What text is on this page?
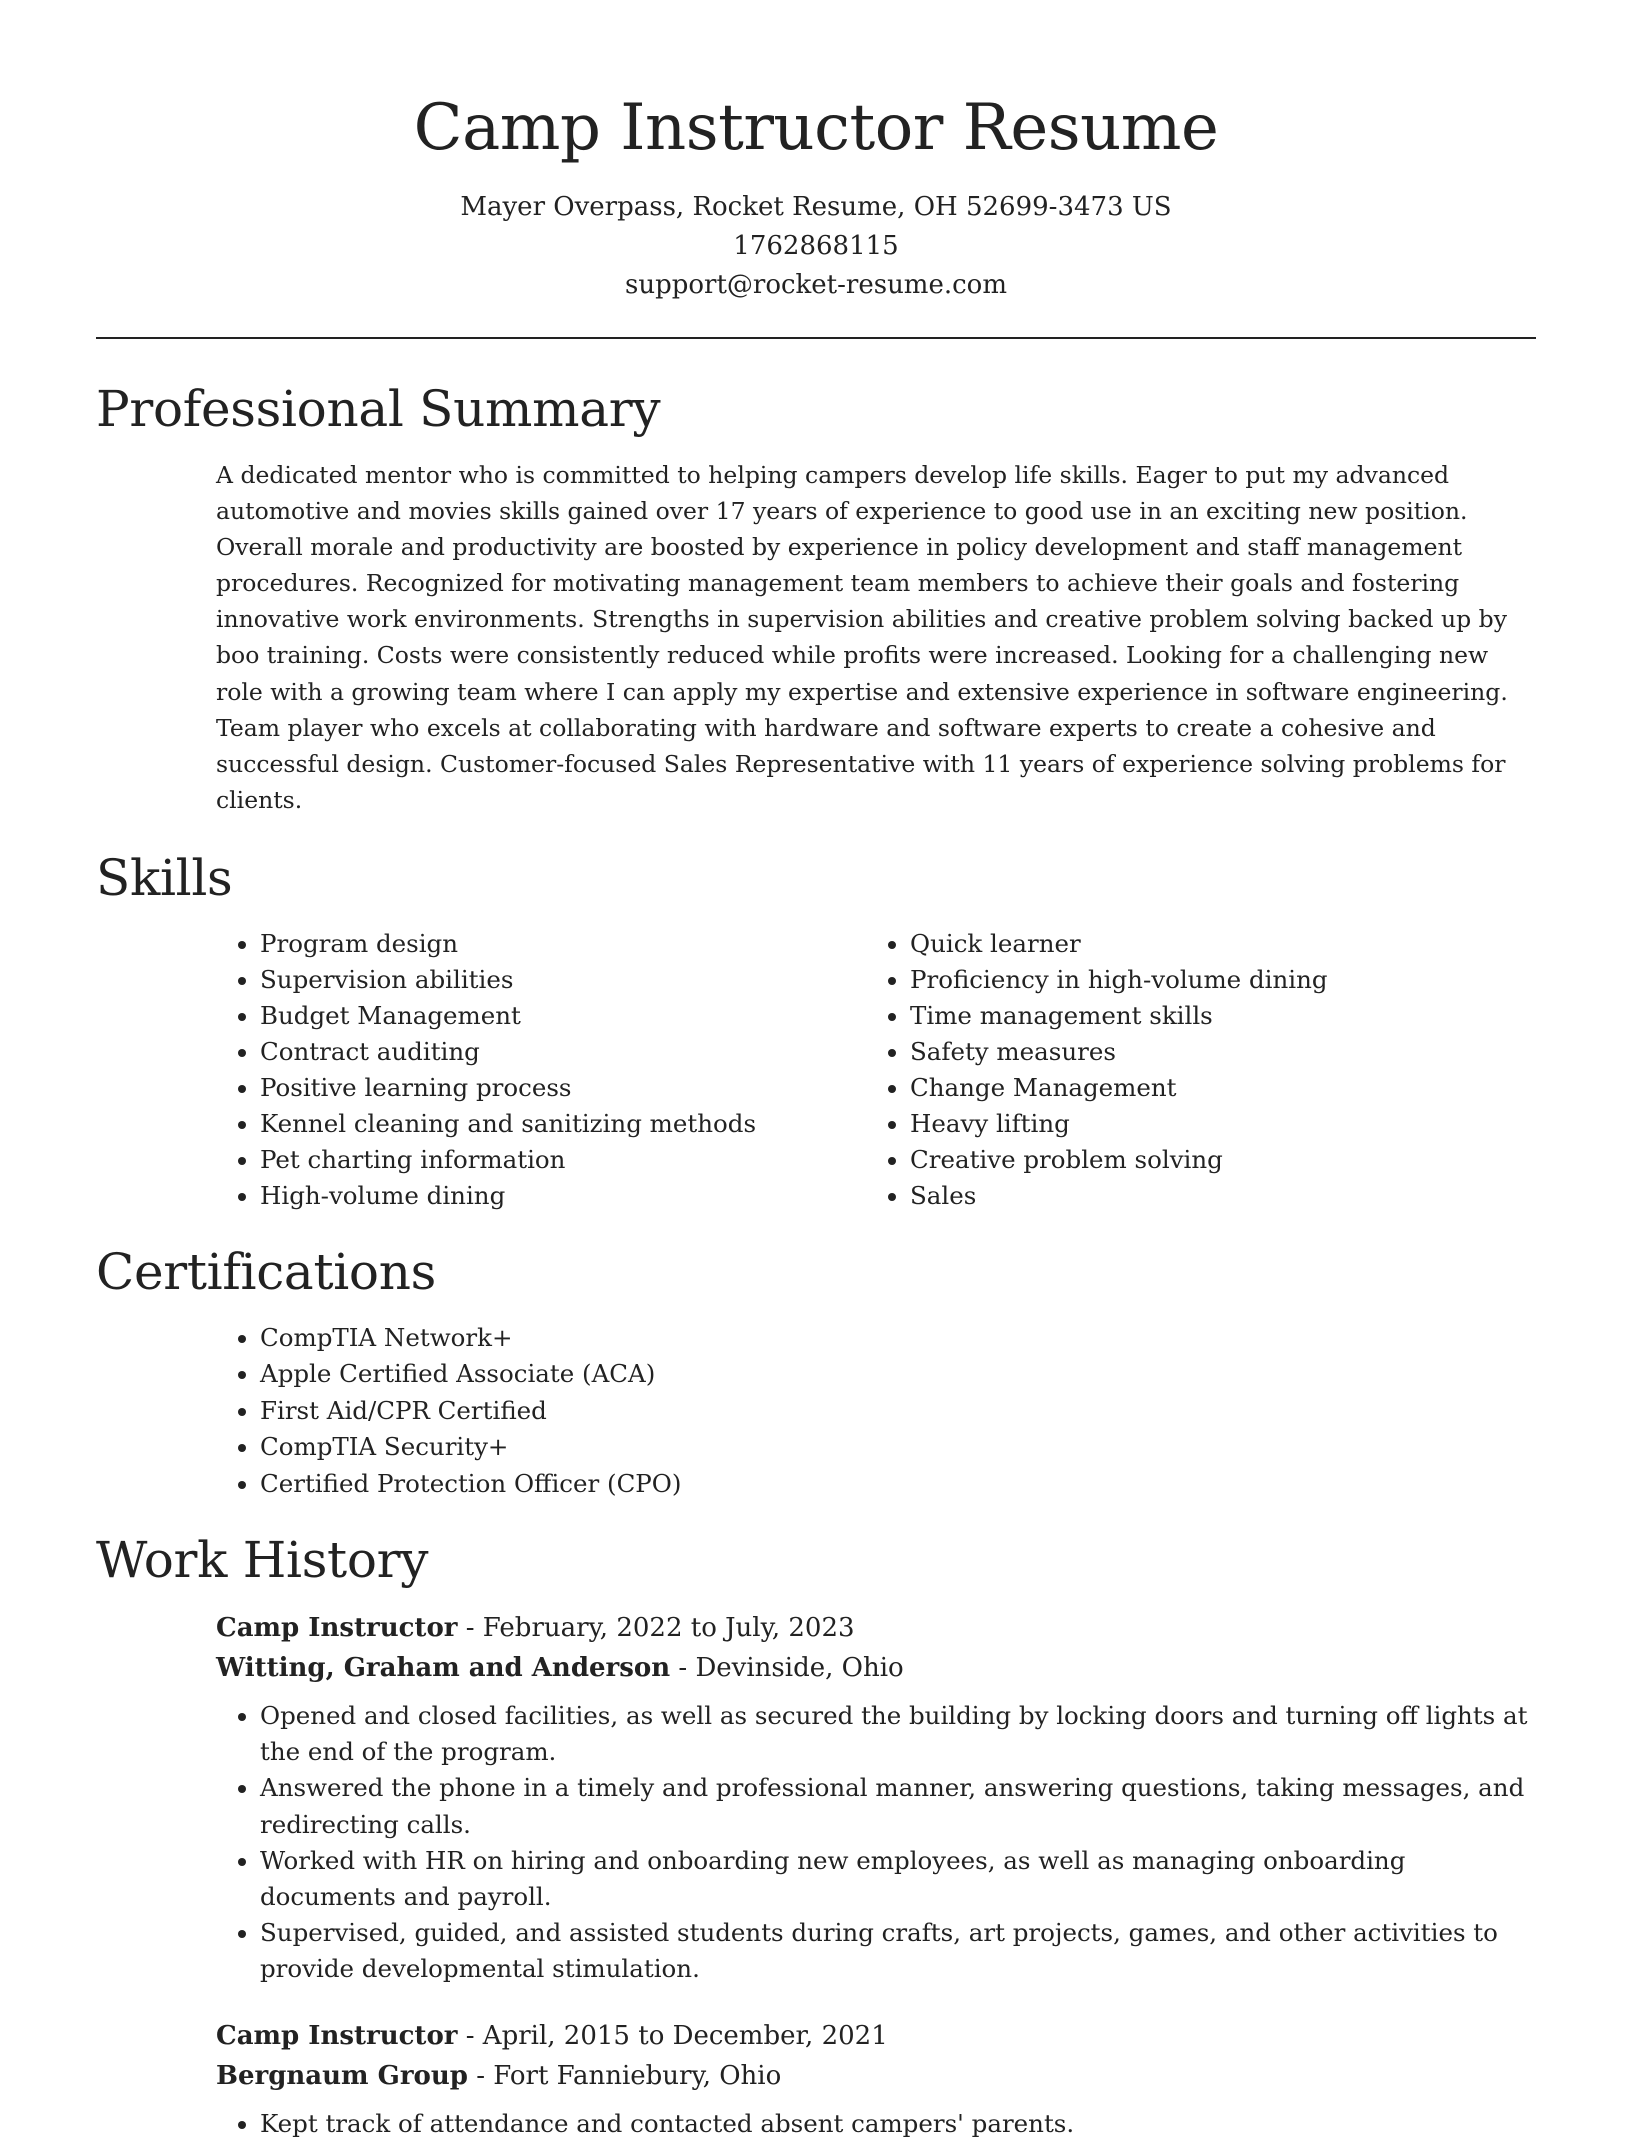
Camp Instructor Resume
Mayer Overpass, Rocket Resume, OH 52699-3473 US
1762868115
support@rocket-resume.com
Professional Summary

A dedicated mentor who is committed to helping campers develop life skills. Eager to put my advanced automotive and movies skills gained over 17 years of experience to good use in an exciting new position. Overall morale and productivity are boosted by experience in policy development and staff management procedures. Recognized for motivating management team members to achieve their goals and fostering innovative work environments. Strengths in supervision abilities and creative problem solving backed up by boo training. Costs were consistently reduced while profits were increased. Looking for a challenging new role with a growing team where I can apply my expertise and extensive experience in software engineering. Team player who excels at collaborating with hardware and software experts to create a cohesive and successful design. Customer-focused Sales Representative with 11 years of experience solving problems for clients.

Skills
• Program design
• Supervision abilities
• Budget Management
• Contract auditing
• Positive learning process
• Kennel cleaning and sanitizing methods
• Pet charting information
• High-volume dining
• Quick learner
• Proficiency in high-volume dining
• Time management skills
• Safety measures
• Change Management
• Heavy lifting
• Creative problem solving
• Sales
Certifications
• CompTIA Network+
• Apple Certified Associate (ACA)
• First Aid/CPR Certified
• CompTIA Security+
• Certified Protection Officer (CPO)
Work History
Camp Instructor - February, 2022 to July, 2023
Witting, Graham and Anderson - Devinside, Ohio
• Opened and closed facilities, as well as secured the building by locking doors and turning off lights at the end of the program.
• Answered the phone in a timely and professional manner, answering questions, taking messages, and redirecting calls.
• Worked with HR on hiring and onboarding new employees, as well as managing onboarding documents and payroll.
• Supervised, guided, and assisted students during crafts, art projects, games, and other activities to provide developmental stimulation.
Camp Instructor - April, 2015 to December, 2021
Bergnaum Group - Fort Fanniebury, Ohio
• Kept track of attendance and contacted absent campers' parents.
